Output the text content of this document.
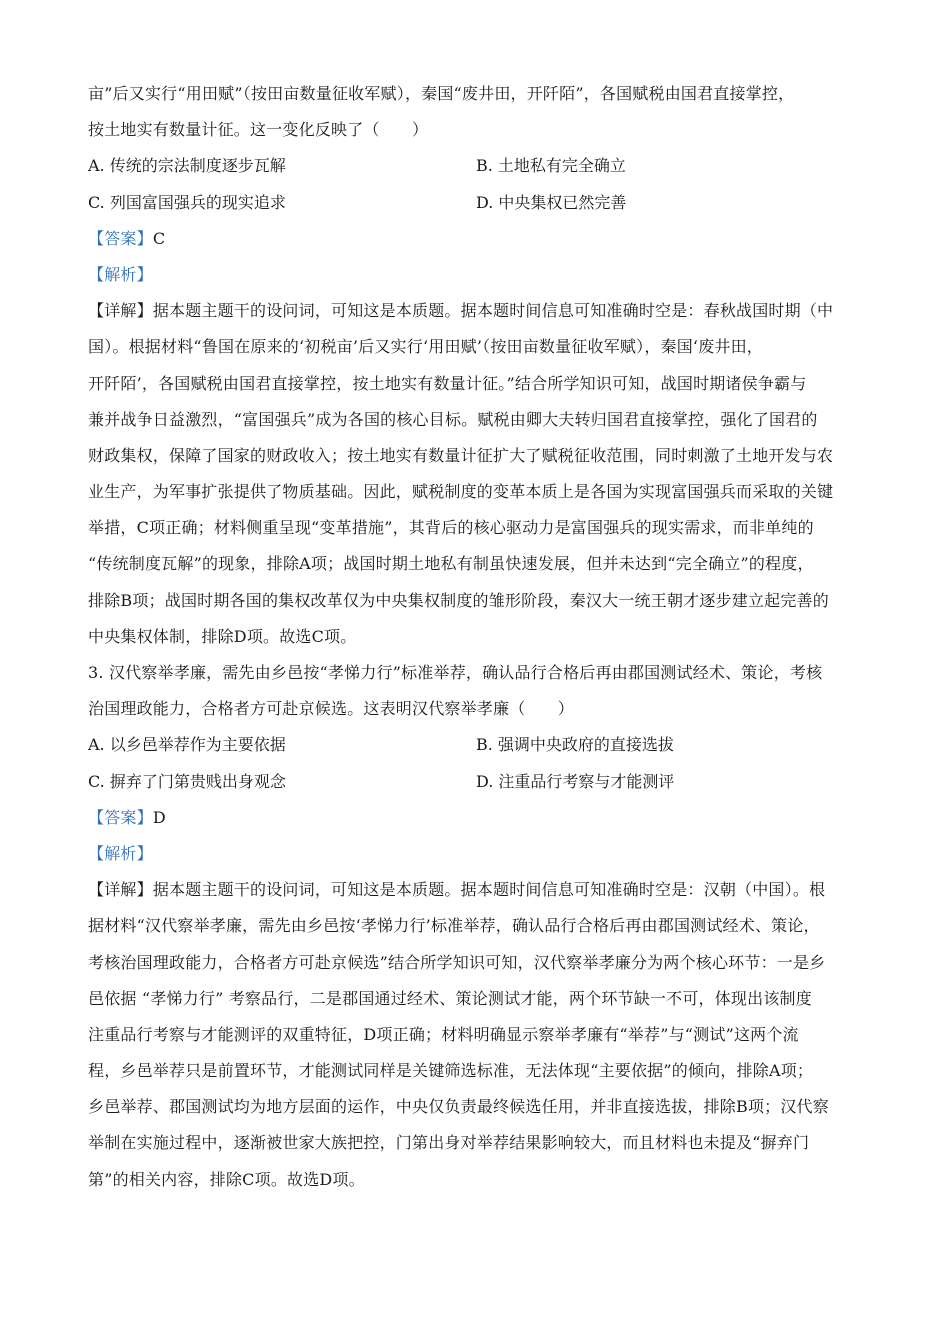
亩”后又实行“用田赋”（按田亩数量征收军赋），秦国“废井田，开阡陌”，各国赋税由国君直接掌控，
按土地实有数量计征。这一变化反映了（　　）
A. 传统的宗法制度逐步瓦解	B. 土地私有完全确立
C. 列国富国强兵的现实追求	D. 中央集权已然完善
【答案】C
【解析】
【详解】据本题主题干的设问词，可知这是本质题。据本题时间信息可知准确时空是：春秋战国时期（中
国）。根据材料“鲁国在原来的‘初税亩’后又实行‘用田赋’（按田亩数量征收军赋），秦国‘废井田，
开阡陌’，各国赋税由国君直接掌控，按土地实有数量计征。”结合所学知识可知，战国时期诸侯争霸与
兼并战争日益激烈，“富国强兵”成为各国的核心目标。赋税由卿大夫转归国君直接掌控，强化了国君的
财政集权，保障了国家的财政收入；按土地实有数量计征扩大了赋税征收范围，同时刺激了土地开发与农
业生产，为军事扩张提供了物质基础。因此，赋税制度的变革本质上是各国为实现富国强兵而采取的关键
举措，C项正确；材料侧重呈现“变革措施”，其背后的核心驱动力是富国强兵的现实需求，而非单纯的
“传统制度瓦解”的现象，排除A项；战国时期土地私有制虽快速发展，但并未达到“完全确立”的程度，
排除B项；战国时期各国的集权改革仅为中央集权制度的雏形阶段，秦汉大一统王朝才逐步建立起完善的
中央集权体制，排除D项。故选C项。
3. 汉代察举孝廉，需先由乡邑按“孝悌力行”标准举荐，确认品行合格后再由郡国测试经术、策论，考核
治国理政能力，合格者方可赴京候选。这表明汉代察举孝廉（　　）
A. 以乡邑举荐作为主要依据	B. 强调中央政府的直接选拔
C. 摒弃了门第贵贱出身观念	D. 注重品行考察与才能测评
【答案】D
【解析】
【详解】据本题主题干的设问词，可知这是本质题。据本题时间信息可知准确时空是：汉朝（中国）。根
据材料“汉代察举孝廉，需先由乡邑按‘孝悌力行’标准举荐，确认品行合格后再由郡国测试经术、策论，
考核治国理政能力，合格者方可赴京候选”结合所学知识可知，汉代察举孝廉分为两个核心环节：一是乡
邑依据 “孝悌力行” 考察品行，二是郡国通过经术、策论测试才能，两个环节缺一不可，体现出该制度
注重品行考察与才能测评的双重特征，D项正确；材料明确显示察举孝廉有“举荐”与“测试”这两个流
程，乡邑举荐只是前置环节，才能测试同样是关键筛选标准，无法体现“主要依据”的倾向，排除A项；
乡邑举荐、郡国测试均为地方层面的运作，中央仅负责最终候选任用，并非直接选拔，排除B项；汉代察
举制在实施过程中，逐渐被世家大族把控，门第出身对举荐结果影响较大，而且材料也未提及“摒弃门
第”的相关内容，排除C项。故选D项。
